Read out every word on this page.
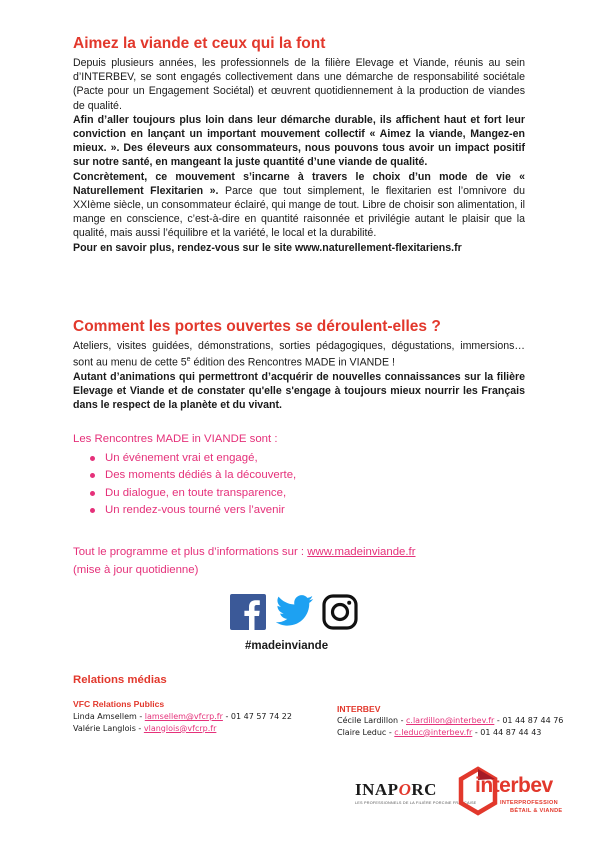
Aimez la viande et ceux qui la font

Depuis plusieurs années, les professionnels de la filière Elevage et Viande, réunis au sein d’INTERBEV, se sont engagés collectivement dans une démarche de responsabilité sociétale (Pacte pour un Engagement Sociétal) et œuvrent quotidiennement à la production de viandes de qualité.

Afin d’aller toujours plus loin dans leur démarche durable, ils affichent haut et fort leur conviction en lançant un important mouvement collectif « Aimez la viande, Mangez-en mieux. ». Des éleveurs aux consommateurs, nous pouvons tous avoir un impact positif sur notre santé, en mangeant la juste quantité d’une viande de qualité.

Concrètement, ce mouvement s’incarne à travers le choix d’un mode de vie « Naturellement Flexitarien ». Parce que tout simplement, le flexitarien est l’omnivore du XXIème siècle, un consommateur éclairé, qui mange de tout. Libre de choisir son alimentation, il mange en conscience, c’est-à-dire en quantité raisonnée et privilégie autant le plaisir que la qualité, mais aussi l’équilibre et la variété, le local et la durabilité.

Pour en savoir plus, rendez-vous sur le site www.naturellement-flexitariens.fr

Comment les portes ouvertes se déroulent-elles ?

Ateliers, visites guidées, démonstrations, sorties pédagogiques, dégustations, immersions… sont au menu de cette 5e édition des Rencontres MADE in VIANDE !

Autant d’animations qui permettront d’acquérir de nouvelles connaissances sur la filière Elevage et Viande et de constater qu'elle s'engage à toujours mieux nourrir les Français dans le respect de la planète et du vivant.

Les Rencontres MADE in VIANDE sont :
Un événement vrai et engagé,
Des moments dédiés à la découverte,
Du dialogue, en toute transparence,
Un rendez-vous tourné vers l’avenir
Tout le programme et plus d’informations sur : www.madeinviande.fr
(mise à jour quotidienne)
#madeinviande
Relations médias
VFC Relations Publics
Linda Amsellem - lamsellem@vfcrp.fr - 01 47 57 74 22
Valérie Langlois - vlanglois@vfcrp.fr
INTERBEV
Cécile Lardillon - c.lardillon@interbev.fr - 01 44 87 44 76
Claire Leduc - c.leduc@interbev.fr - 01 44 87 44 43
INAPORC
LES PROFESSIONNELS DE LA FILIÈRE PORCINE FRANÇAISE
interbev
INTERPROFESSION
BÉTAIL & VIANDE
